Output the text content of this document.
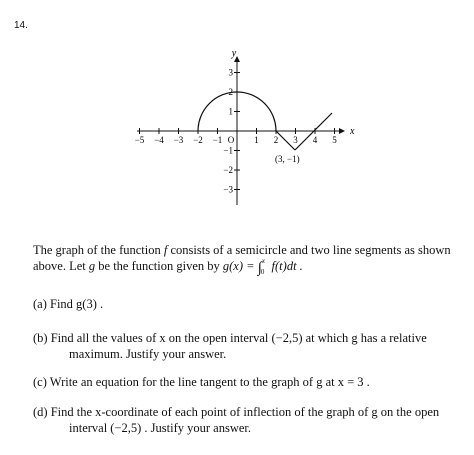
14.
−5 −4 −3 −2 −1	1 2 3 4 5
3
2
1
−1
−2
−3
y
x
O
(3, −1)
The graph of the function f consists of a semicircle and two line segments as shown
above. Let g be the function given by g(x) = ∫$^x_0$ f(t)dt .
(a) Find g(3) .
(b) Find all the values of x on the open interval (−2,5) at which g has a relative
maximum. Justify your answer.
(c) Write an equation for the line tangent to the graph of g at x = 3 .
(d) Find the x-coordinate of each point of inflection of the graph of g on the open
interval (−2,5) . Justify your answer.
